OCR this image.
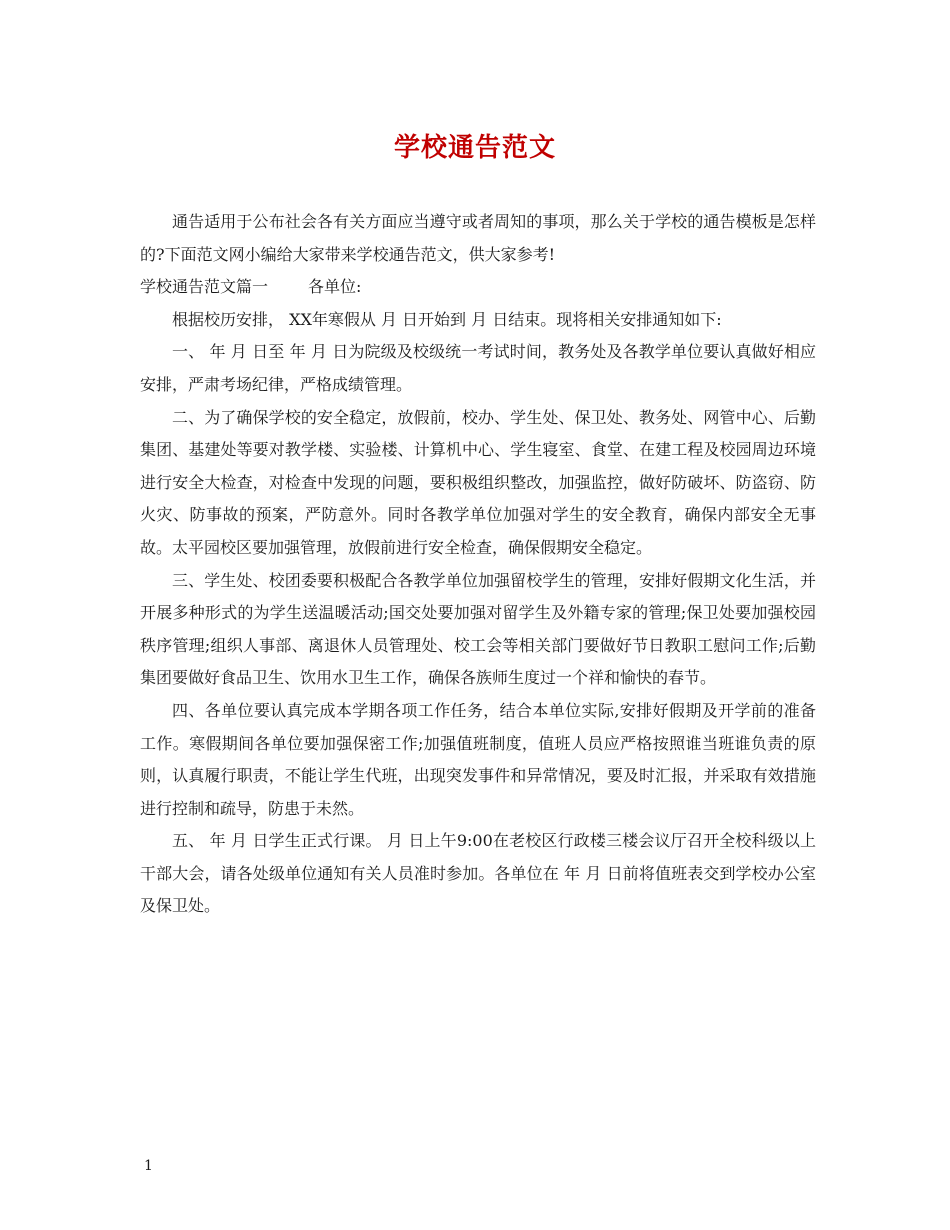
学校通告范文

通告适用于公布社会各有关方面应当遵守或者周知的事项，那么关于学校的通告模板是怎样的?下面范文网小编给大家带来学校通告范文，供大家参考!

学校通告范文篇一	各单位:

根据校历安排， XX年寒假从 月 日开始到 月 日结束。现将相关安排通知如下:

一、 年 月 日至 年 月 日为院级及校级统一考试时间，教务处及各教学单位要认真做好相应安排，严肃考场纪律，严格成绩管理。

二、为了确保学校的安全稳定，放假前，校办、学生处、保卫处、教务处、网管中心、后勤集团、基建处等要对教学楼、实验楼、计算机中心、学生寝室、食堂、在建工程及校园周边环境进行安全大检查，对检查中发现的问题，要积极组织整改，加强监控，做好防破坏、防盗窃、防火灾、防事故的预案，严防意外。同时各教学单位加强对学生的安全教育，确保内部安全无事故。太平园校区要加强管理，放假前进行安全检查，确保假期安全稳定。

三、学生处、校团委要积极配合各教学单位加强留校学生的管理，安排好假期文化生活，并开展多种形式的为学生送温暖活动;国交处要加强对留学生及外籍专家的管理;保卫处要加强校园秩序管理;组织人事部、离退休人员管理处、校工会等相关部门要做好节日教职工慰问工作;后勤集团要做好食品卫生、饮用水卫生工作，确保各族师生度过一个祥和愉快的春节。

四、各单位要认真完成本学期各项工作任务，结合本单位实际,安排好假期及开学前的准备工作。寒假期间各单位要加强保密工作;加强值班制度，值班人员应严格按照谁当班谁负责的原则，认真履行职责，不能让学生代班，出现突发事件和异常情况，要及时汇报，并采取有效措施进行控制和疏导，防患于未然。

五、 年 月 日学生正式行课。 月 日上午9:00在老校区行政楼三楼会议厅召开全校科级以上干部大会，请各处级单位通知有关人员准时参加。各单位在 年 月 日前将值班表交到学校办公室及保卫处。

1
